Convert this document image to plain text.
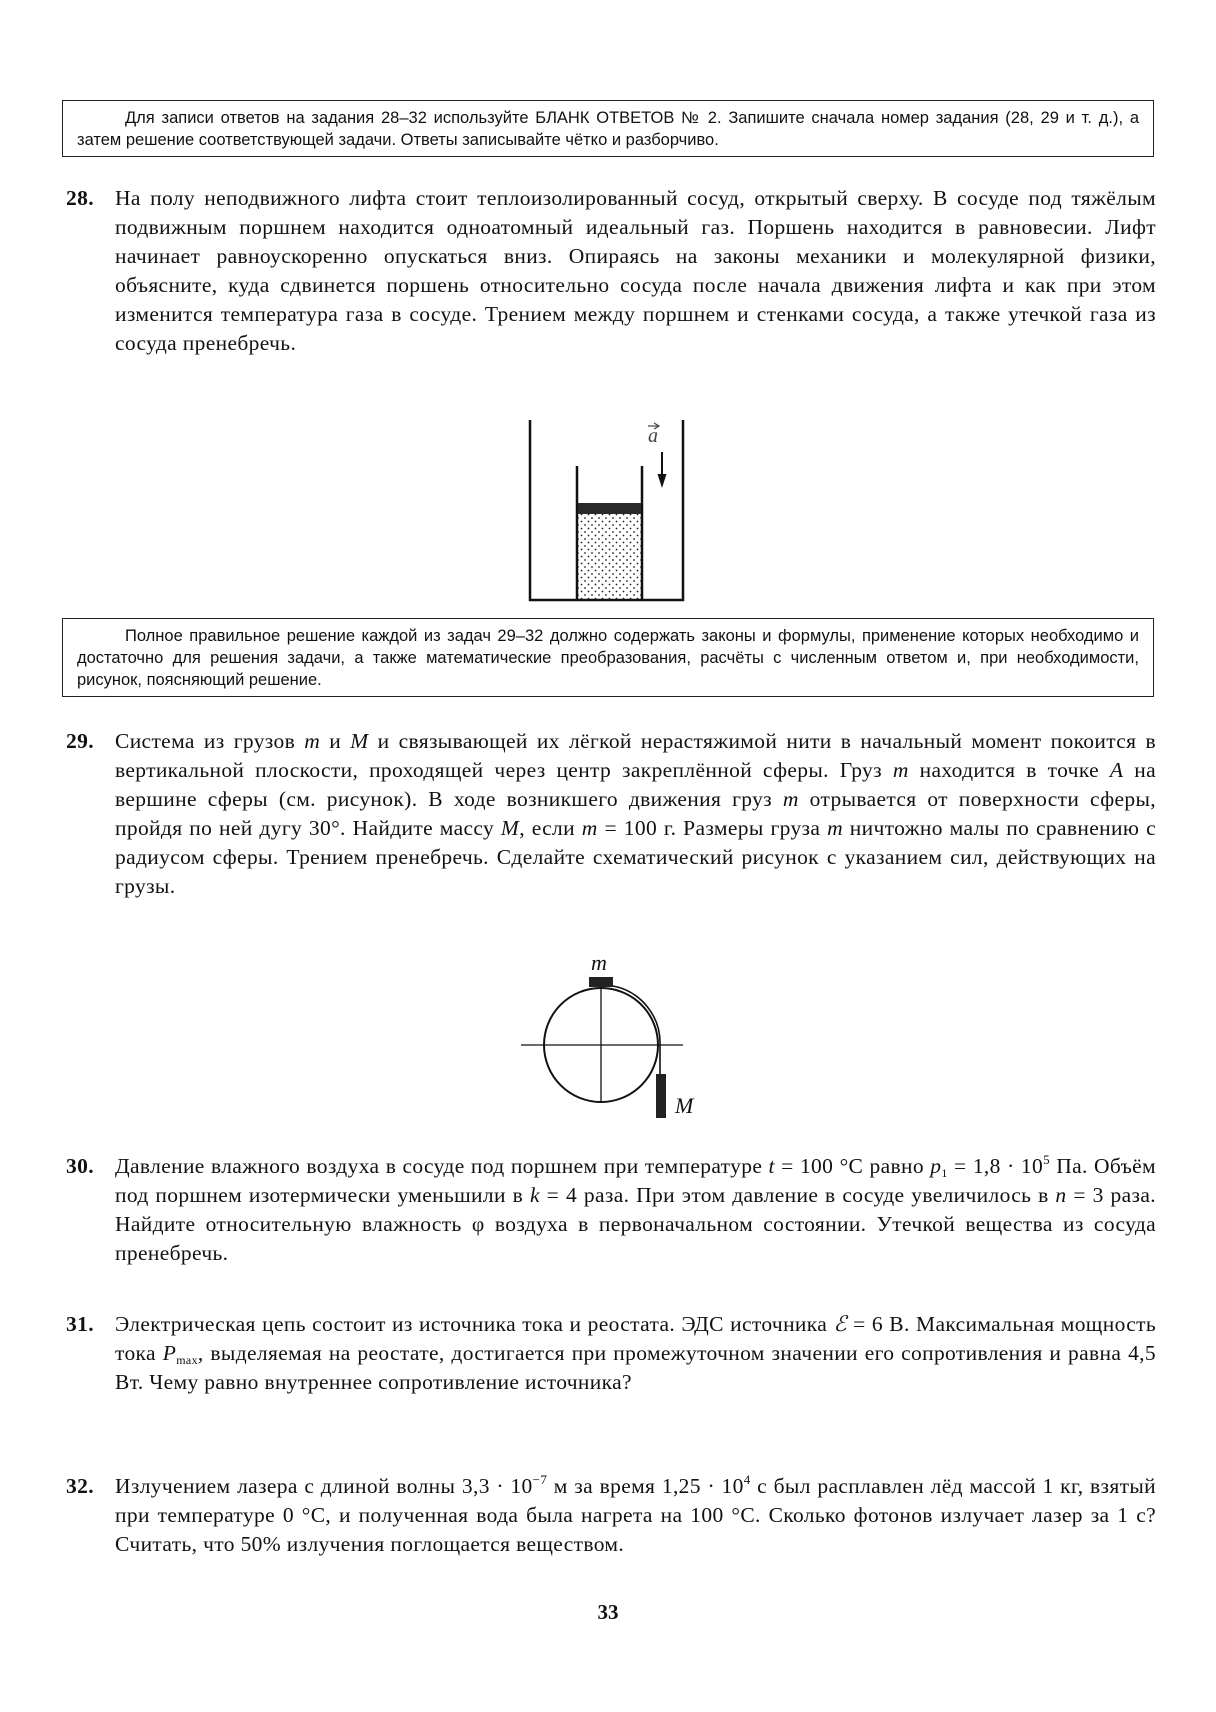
Для записи ответов на задания 28–32 используйте БЛАНК ОТВЕТОВ № 2. Запишите сначала номер задания (28, 29 и т. д.), а затем решение соответствующей задачи. Ответы записывайте чётко и разборчиво.

28. На полу неподвижного лифта стоит теплоизолированный сосуд, открытый сверху. В сосуде под тяжёлым подвижным поршнем находится одноатомный идеальный газ. Поршень находится в равновесии. Лифт начинает равноускоренно опускаться вниз. Опираясь на законы механики и молекулярной физики, объясните, куда сдвинется поршень относительно сосуда после начала движения лифта и как при этом изменится температура газа в сосуде. Трением между поршнем и стенками сосуда, а также утечкой газа из сосуда пренебречь.
a

Полное правильное решение каждой из задач 29–32 должно содержать законы и формулы, применение которых необходимо и достаточно для решения задачи, а также математические преобразования, расчёты с численным ответом и, при необходимости, рисунок, поясняющий решение.

29. Система из грузов m и M и связывающей их лёгкой нерастяжимой нити в начальный момент покоится в вертикальной плоскости, проходящей через центр закреплённой сферы. Груз m находится в точке A на вершине сферы (см. рисунок). В ходе возникшего движения груз m отрывается от поверхности сферы, пройдя по ней дугу 30°. Найдите массу M, если m = 100 г. Размеры груза m ничтожно малы по сравнению с радиусом сферы. Трением пренебречь. Сделайте схематический рисунок с указанием сил, действующих на грузы.
m
M
30. Давление влажного воздуха в сосуде под поршнем при температуре t = 100 °С равно $p_1 = 1,8 \cdot 10^5$ Па. Объём под поршнем изотермически уменьшили в k = 4 раза. При этом давление в сосуде увеличилось в n = 3 раза. Найдите относительную влажность φ воздуха в первоначальном состоянии. Утечкой вещества из сосуда пренебречь.
31. Электрическая цепь состоит из источника тока и реостата. ЭДС источника ℰ = 6 В. Максимальная мощность тока $P_{max}$, выделяемая на реостате, достигается при промежуточном значении его сопротивления и равна 4,5 Вт. Чему равно внутреннее сопротивление источника?
32. Излучением лазера с длиной волны $3,3 \cdot 10^{-7}$ м за время $1,25 \cdot 10^4$ с был расплавлен лёд массой 1 кг, взятый при температуре 0 °С, и полученная вода была нагрета на 100 °С. Сколько фотонов излучает лазер за 1 с? Считать, что 50% излучения поглощается веществом.
33
